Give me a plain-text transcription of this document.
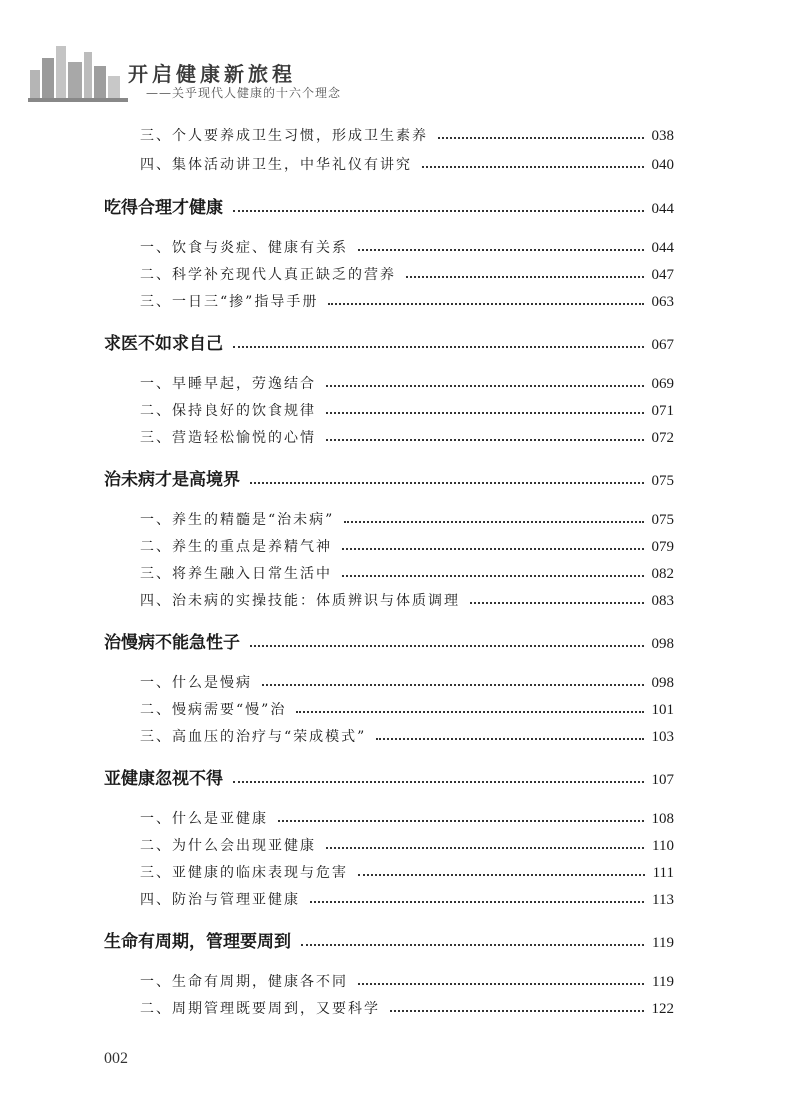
开启健康新旅程
——关乎现代人健康的十六个理念
三、个人要养成卫生习惯，形成卫生素养	038
四、集体活动讲卫生，中华礼仪有讲究	040
吃得合理才健康	044
一、饮食与炎症、健康有关系	044
二、科学补充现代人真正缺乏的营养	047
三、一日三“掺”指导手册	063
求医不如求自己	067
一、早睡早起，劳逸结合	069
二、保持良好的饮食规律	071
三、营造轻松愉悦的心情	072
治未病才是高境界	075
一、养生的精髓是“治未病”	075
二、养生的重点是养精气神	079
三、将养生融入日常生活中	082
四、治未病的实操技能：体质辨识与体质调理	083
治慢病不能急性子	098
一、什么是慢病	098
二、慢病需要“慢”治	101
三、高血压的治疗与“荣成模式”	103
亚健康忽视不得	107
一、什么是亚健康	108
二、为什么会出现亚健康	110
三、亚健康的临床表现与危害	111
四、防治与管理亚健康	113
生命有周期，管理要周到	119
一、生命有周期，健康各不同	119
二、周期管理既要周到，又要科学	122
002
